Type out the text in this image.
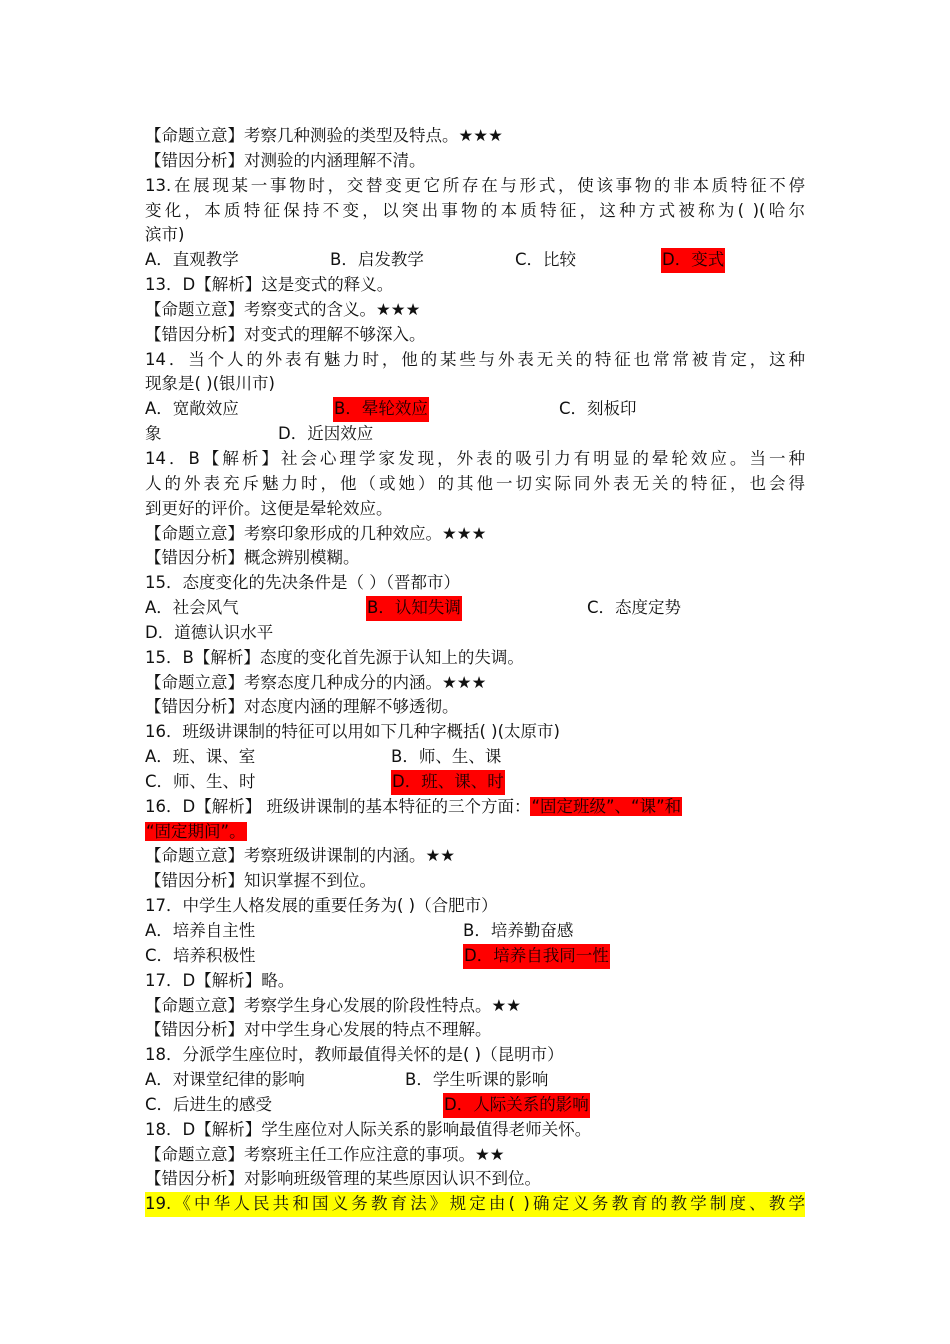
【命题立意】考察几种测验的类型及特点。★★★
【错因分析】对测验的内涵理解不清。
13.在展现某一事物时，交替变更它所存在与形式，使该事物的非本质特征不停
变化，本质特征保持不变，以突出事物的本质特征，这种方式被称为( )(哈尔
滨市)
A．直观教学	B．启发教学	C．比较	D．变式
13．D【解析】这是变式的释义。
【命题立意】考察变式的含义。★★★
【错因分析】对变式的理解不够深入。
14．当个人的外表有魅力时，他的某些与外表无关的特征也常常被肯定，这种
现象是( )(银川市)
A．宽敞效应	B．晕轮效应	C．刻板印
象	D．近因效应
14．B【解析】社会心理学家发现，外表的吸引力有明显的晕轮效应。当一种
人的外表充斥魅力时，他（或她）的其他一切实际同外表无关的特征，也会得
到更好的评价。这便是晕轮效应。
【命题立意】考察印象形成的几种效应。★★★
【错因分析】概念辨别模糊。
15．态度变化的先决条件是（ ）（晋都市）
A．社会风气	B．认知失调	C．态度定势
D．道德认识水平
15．B【解析】态度的变化首先源于认知上的失调。
【命题立意】考察态度几种成分的内涵。★★★
【错因分析】对态度内涵的理解不够透彻。
16．班级讲课制的特征可以用如下几种字概括( )(太原市)
A．班、课、室	B．师、生、课
C．师、生、时	D．班、课、时
16．D【解析】 班级讲课制的基本特征的三个方面：“固定班级”、“课”和
“固定期间”。
【命题立意】考察班级讲课制的内涵。★★
【错因分析】知识掌握不到位。
17．中学生人格发展的重要任务为( )（合肥市）
A．培养自主性	B．培养勤奋感
C．培养积极性	D．培养自我同一性
17．D【解析】略。
【命题立意】考察学生身心发展的阶段性特点。★★
【错因分析】对中学生身心发展的特点不理解。
18．分派学生座位时，教师最值得关怀的是( )（昆明市）
A．对课堂纪律的影响	B．学生听课的影响
C．后进生的感受	D．人际关系的影响
18．D【解析】学生座位对人际关系的影响最值得老师关怀。
【命题立意】考察班主任工作应注意的事项。★★
【错因分析】对影响班级管理的某些原因认识不到位。
19.《中华人民共和国义务教育法》规定由( )确定义务教育的教学制度、教学
